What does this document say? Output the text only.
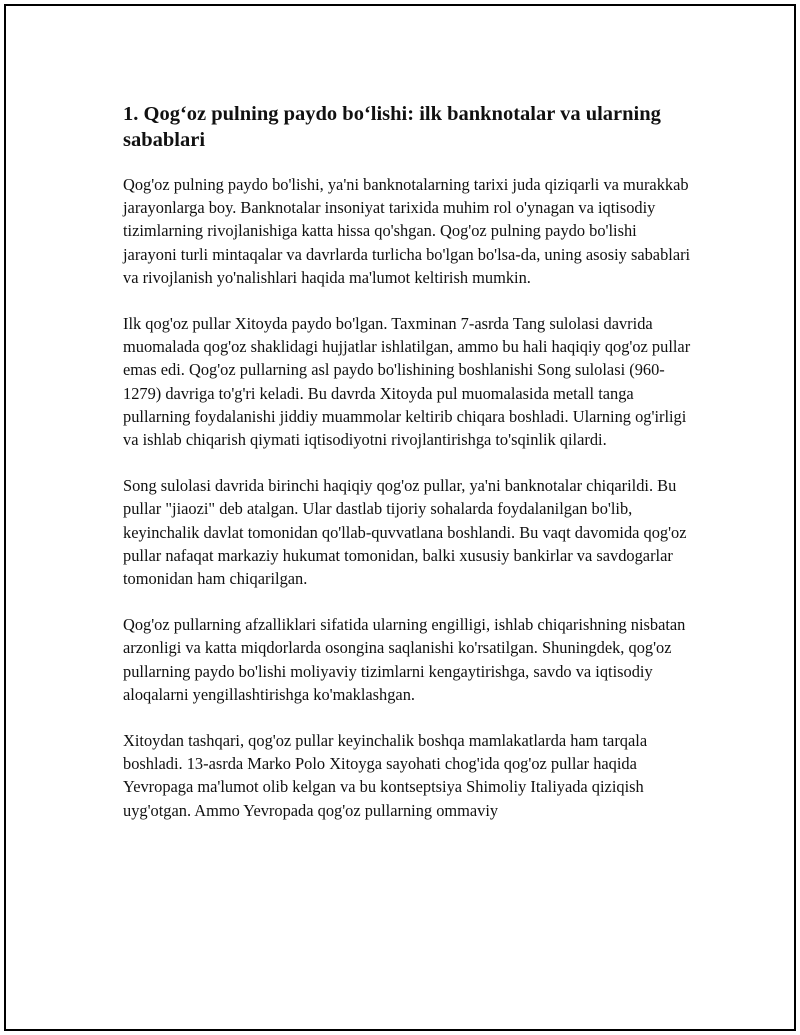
1. Qog‘oz pulning paydo bo‘lishi: ilk banknotalar va ularning sabablari

Qog'oz pulning paydo bo'lishi, ya'ni banknotalarning tarixi juda qiziqarli va murakkab jarayonlarga boy. Banknotalar insoniyat tarixida muhim rol o'ynagan va iqtisodiy tizimlarning rivojlanishiga katta hissa qo'shgan. Qog'oz pulning paydo bo'lishi jarayoni turli mintaqalar va davrlarda turlicha bo'lgan bo'lsa-da, uning asosiy sabablari va rivojlanish yo'nalishlari haqida ma'lumot keltirish mumkin.

Ilk qog'oz pullar Xitoyda paydo bo'lgan. Taxminan 7-asrda Tang sulolasi davrida muomalada qog'oz shaklidagi hujjatlar ishlatilgan, ammo bu hali haqiqiy qog'oz pullar emas edi. Qog'oz pullarning asl paydo bo'lishining boshlanishi Song sulolasi (960-1279) davriga to'g'ri keladi. Bu davrda Xitoyda pul muomalasida metall tanga pullarning foydalanishi jiddiy muammolar keltirib chiqara boshladi. Ularning og'irligi va ishlab chiqarish qiymati iqtisodiyotni rivojlantirishga to'sqinlik qilardi.

Song sulolasi davrida birinchi haqiqiy qog'oz pullar, ya'ni banknotalar chiqarildi. Bu pullar "jiaozi" deb atalgan. Ular dastlab tijoriy sohalarda foydalanilgan bo'lib, keyinchalik davlat tomonidan qo'llab-quvvatlana boshlandi. Bu vaqt davomida qog'oz pullar nafaqat markaziy hukumat tomonidan, balki xususiy bankirlar va savdogarlar tomonidan ham chiqarilgan.

Qog'oz pullarning afzalliklari sifatida ularning engilligi, ishlab chiqarishning nisbatan arzonligi va katta miqdorlarda osongina saqlanishi ko'rsatilgan. Shuningdek, qog'oz pullarning paydo bo'lishi moliyaviy tizimlarni kengaytirishga, savdo va iqtisodiy aloqalarni yengillashtirishga ko'maklashgan.

Xitoydan tashqari, qog'oz pullar keyinchalik boshqa mamlakatlarda ham tarqala boshladi. 13-asrda Marko Polo Xitoyga sayohati chog'ida qog'oz pullar haqida Yevropaga ma'lumot olib kelgan va bu kontseptsiya Shimoliy Italiyada qiziqish uyg'otgan. Ammo Yevropada qog'oz pullarning ommaviy
